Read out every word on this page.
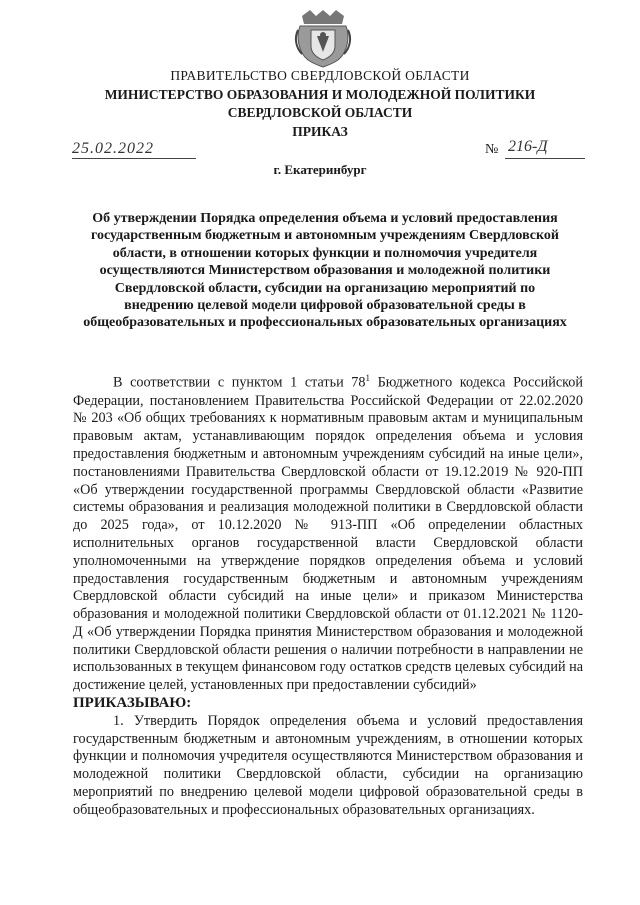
ПРАВИТЕЛЬСТВО СВЕРДЛОВСКОЙ ОБЛАСТИ
МИНИСТЕРСТВО ОБРАЗОВАНИЯ И МОЛОДЕЖНОЙ ПОЛИТИКИ
СВЕРДЛОВСКОЙ ОБЛАСТИ
ПРИКАЗ
25.02.2022	№ 216-Д
г. Екатеринбург
Об утверждении Порядка определения объема и условий предоставления государственным бюджетным и автономным учреждениям Свердловской области, в отношении которых функции и полномочия учредителя осуществляются Министерством образования и молодежной политики Свердловской области, субсидии на организацию мероприятий по внедрению целевой модели цифровой образовательной среды в общеобразовательных и профессиональных образовательных организациях

В соответствии с пунктом 1 статьи $78^1$ Бюджетного кодекса Российской Федерации, постановлением Правительства Российской Федерации от 22.02.2020 № 203 «Об общих требованиях к нормативным правовым актам и муниципальным правовым актам, устанавливающим порядок определения объема и условия предоставления бюджетным и автономным учреждениям субсидий на иные цели», постановлениями Правительства Свердловской области от 19.12.2019 № 920-ПП «Об утверждении государственной программы Свердловской области «Развитие системы образования и реализация молодежной политики в Свердловской области до 2025 года», от 10.12.2020 № 913-ПП «Об определении областных исполнительных органов государственной власти Свердловской области уполномоченными на утверждение порядков определения объема и условий предоставления государственным бюджетным и автономным учреждениям Свердловской области субсидий на иные цели» и приказом Министерства образования и молодежной политики Свердловской области от 01.12.2021 № 1120-Д «Об утверждении Порядка принятия Министерством образования и молодежной политики Свердловской области решения о наличии потребности в направлении не использованных в текущем финансовом году остатков средств целевых субсидий на достижение целей, установленных при предоставлении субсидий»

ПРИКАЗЫВАЮ:

1. Утвердить Порядок определения объема и условий предоставления государственным бюджетным и автономным учреждениям, в отношении которых функции и полномочия учредителя осуществляются Министерством образования и молодежной политики Свердловской области, субсидии на организацию мероприятий по внедрению целевой модели цифровой образовательной среды в общеобразовательных и профессиональных образовательных организациях.
